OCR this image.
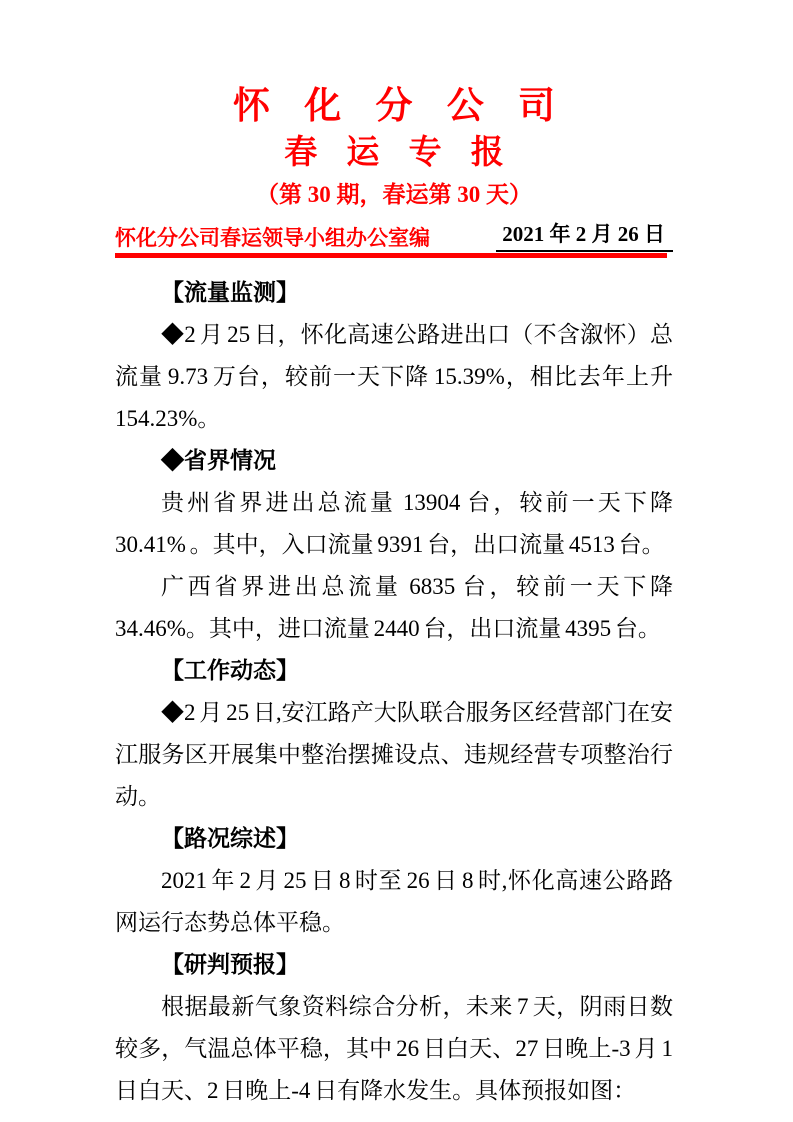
怀 化 分 公 司
春 运 专 报
（第 30 期，春运第 30 天）
怀化分公司春运领导小组办公室编	2021 年 2 月 26 日

【流量监测】

◆2 月 25 日，怀化高速公路进出口（不含溆怀）总流量 9.73 万台，较前一天下降 15.39%，相比去年上升 154.23%。

◆省界情况

贵州省界进出总流量 13904 台，较前一天下降 30.41% 。其中，入口流量 9391 台，出口流量 4513 台。

广西省界进出总流量 6835 台，较前一天下降 34.46%。其中，进口流量 2440 台，出口流量 4395 台。

【工作动态】

◆2 月 25 日,安江路产大队联合服务区经营部门在安江服务区开展集中整治摆摊设点、违规经营专项整治行动。

【路况综述】

2021 年 2 月 25 日 8 时至 26 日 8 时,怀化高速公路路网运行态势总体平稳。

【研判预报】

根据最新气象资料综合分析，未来 7 天，阴雨日数较多，气温总体平稳，其中 26 日白天、27 日晚上-3 月 1 日白天、2 日晚上-4 日有降水发生。具体预报如图：
